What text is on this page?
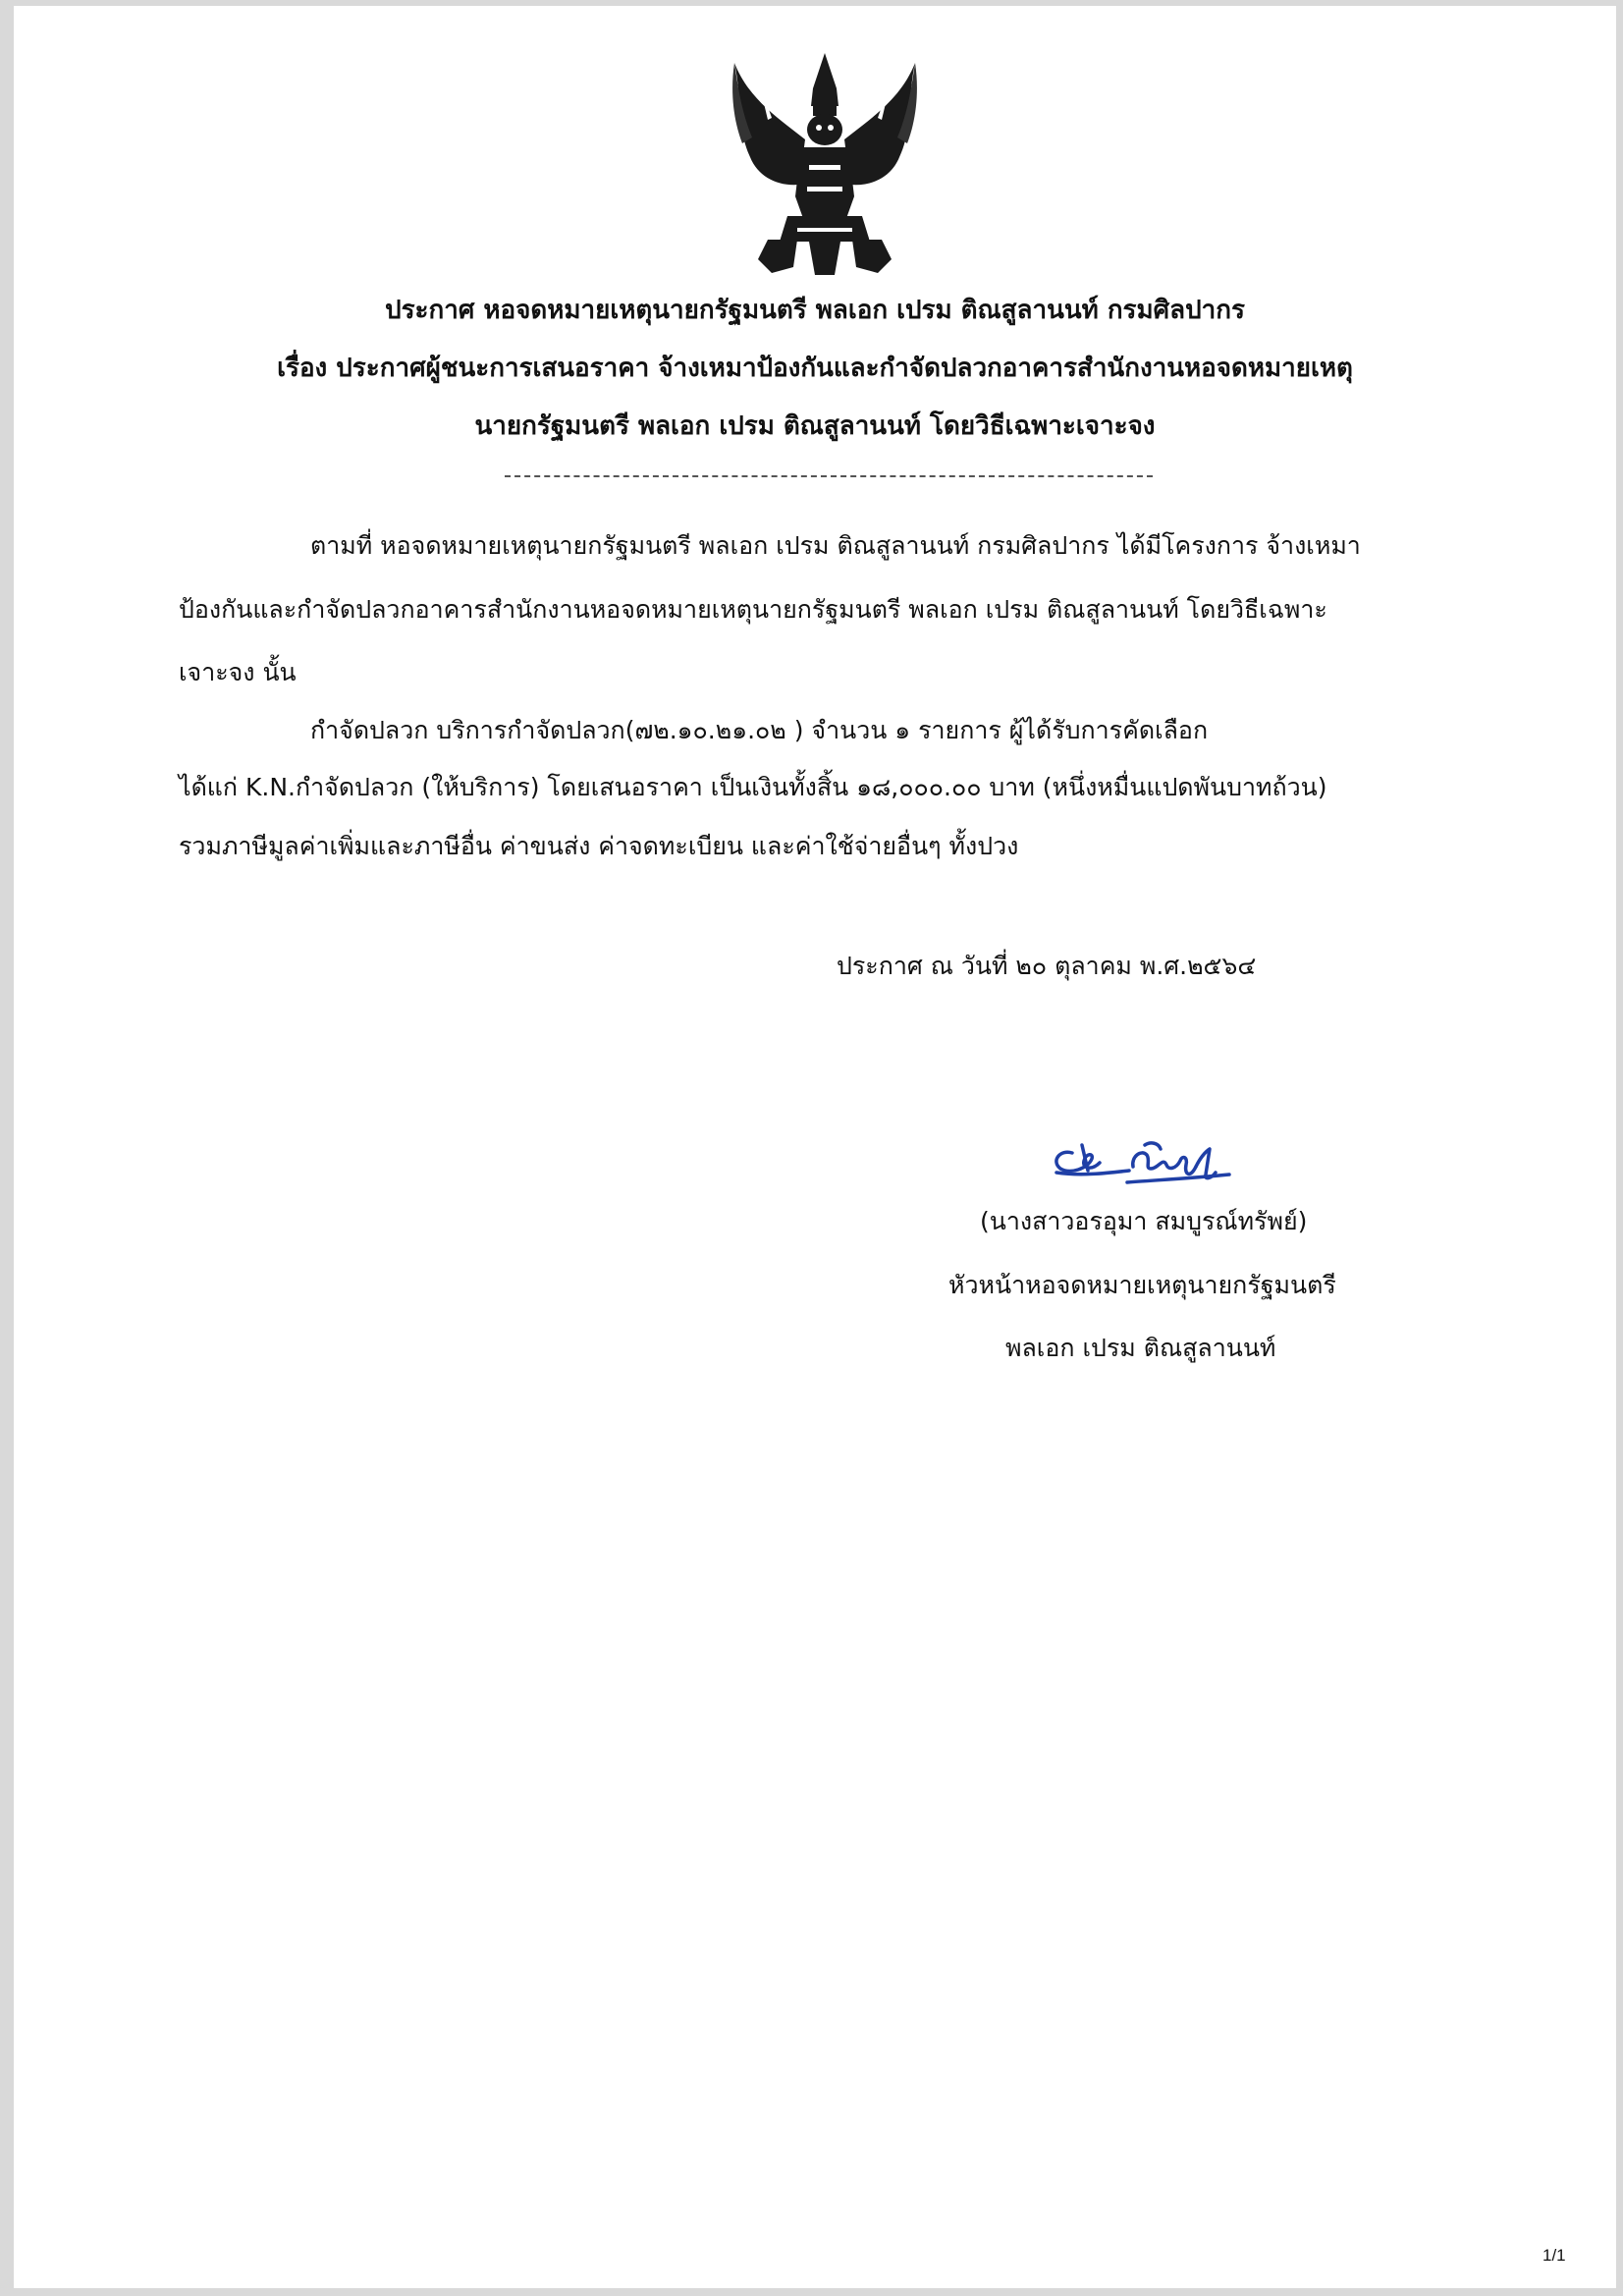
ประกาศ หอจดหมายเหตุนายกรัฐมนตรี พลเอก เปรม ติณสูลานนท์ กรมศิลปากร
เรื่อง ประกาศผู้ชนะการเสนอราคา จ้างเหมาป้องกันและกำจัดปลวกอาคารสำนักงานหอจดหมายเหตุ
นายกรัฐมนตรี พลเอก เปรม ติณสูลานนท์ โดยวิธีเฉพาะเจาะจง
ตามที่ หอจดหมายเหตุนายกรัฐมนตรี พลเอก เปรม ติณสูลานนท์ กรมศิลปากร ได้มีโครงการ จ้างเหมา
ป้องกันและกำจัดปลวกอาคารสำนักงานหอจดหมายเหตุนายกรัฐมนตรี พลเอก เปรม ติณสูลานนท์ โดยวิธีเฉพาะ
เจาะจง นั้น
กำจัดปลวก บริการกำจัดปลวก(๗๒.๑๐.๒๑.๐๒ ) จำนวน ๑ รายการ ผู้ได้รับการคัดเลือก
ได้แก่ K.N.กำจัดปลวก (ให้บริการ) โดยเสนอราคา เป็นเงินทั้งสิ้น ๑๘,๐๐๐.๐๐ บาท (หนึ่งหมื่นแปดพันบาทถ้วน)
รวมภาษีมูลค่าเพิ่มและภาษีอื่น ค่าขนส่ง ค่าจดทะเบียน และค่าใช้จ่ายอื่นๆ ทั้งปวง
ประกาศ ณ วันที่ ๒๐ ตุลาคม พ.ศ.๒๕๖๔
(นางสาวอรอุมา สมบูรณ์ทรัพย์)
หัวหน้าหอจดหมายเหตุนายกรัฐมนตรี
พลเอก เปรม ติณสูลานนท์
1/1
